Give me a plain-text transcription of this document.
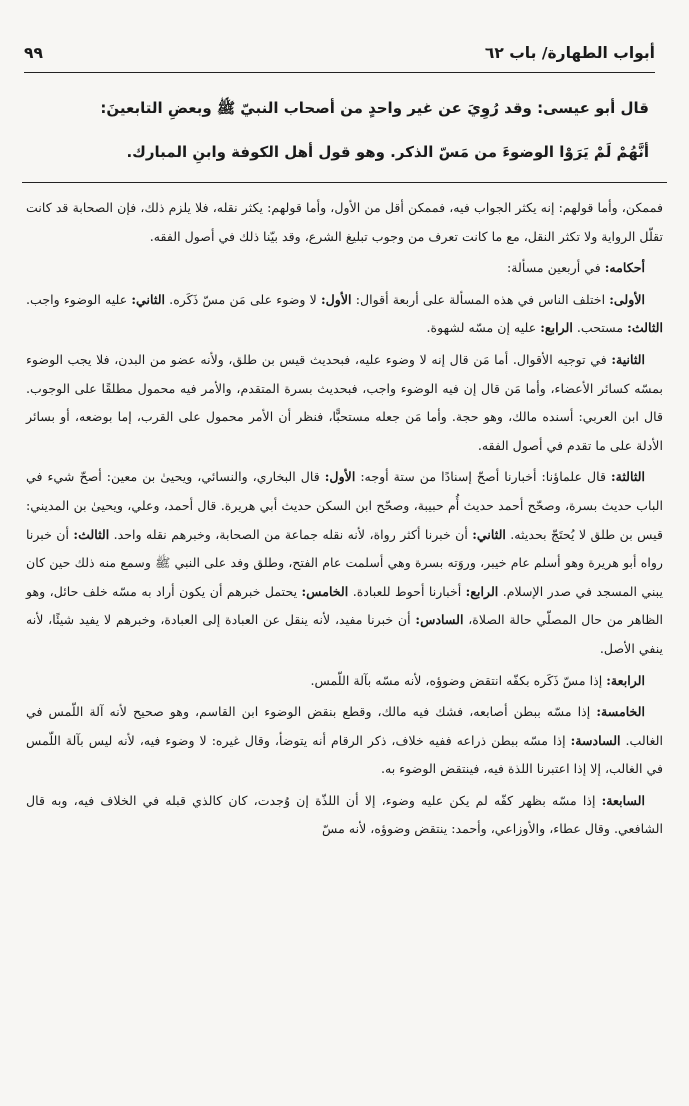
أبواب الطهارة/ باب ٦٢
٩٩

قال أبو عيسى: وقد رُوِيَ عن غير واحدٍ من أصحاب النبيّ ﷺ وبعضِ التابعينَ:

أنَّهُمْ لَمْ يَرَوْا الوضوءَ من مَسّ الذكر. وهو قول أهل الكوفة وابنِ المبارك.

فممكن، وأما قولهم: إنه يكثر الجواب فيه، فممكن أقل من الأول، وأما قولهم: يكثر نقله، فلا يلزم ذلك، فإن الصحابة قد كانت تقلّل الرواية ولا تكثر النقل، مع ما كانت تعرف من وجوب تبليغ الشرع، وقد بيّنا ذلك في أصول الفقه.

أحكامه: في أربعين مسألة:

الأولى: اختلف الناس في هذه المسألة على أربعة أقوال: الأول: لا وضوء على مَن مسّ ذَكَره. الثاني: عليه الوضوء واجب. الثالث: مستحب. الرابع: عليه إن مسّه لشهوة.

الثانية: في توجيه الأقوال. أما مَن قال إنه لا وضوء عليه، فبحديث قيس بن طلق، ولأنه عضو من البدن، فلا يجب الوضوء بمسّه كسائر الأعضاء، وأما مَن قال إن فيه الوضوء واجب، فبحديث بسرة المتقدم، والأمر فيه محمول مطلقًا على الوجوب. قال ابن العربي: أسنده مالك، وهو حجة. وأما مَن جعله مستحبًّا، فنظر أن الأمر محمول على القرب، إما بوضعه، أو بسائر الأدلة على ما تقدم في أصول الفقه.

الثالثة: قال علماؤنا: أخبارنا أصحّ إسنادًا من ستة أوجه: الأول: قال البخاري، والنسائي، ويحيىٰ بن معين: أصحّ شيء في الباب حديث بسرة، وصحّح أحمد حديث أُم حبيبة، وصحّح ابن السكن حديث أبي هريرة. قال أحمد، وعلي، ويحيىٰ بن المديني: قيس بن طلق لا يُحتَجّ بحديثه. الثاني: أن خبرنا أكثر رواة، لأنه نقله جماعة من الصحابة، وخبرهم نقله واحد. الثالث: أن خبرنا رواه أبو هريرة وهو أسلم عام خيبر، وروَته بسرة وهي أسلمت عام الفتح، وطلق وفد على النبي ﷺ وسمع منه ذلك حين كان يبني المسجد في صدر الإسلام. الرابع: أخبارنا أحوط للعبادة. الخامس: يحتمل خبرهم أن يكون أراد به مسّه خلف حائل، وهو الظاهر من حال المصلّي حالة الصلاة، السادس: أن خبرنا مفيد، لأنه ينقل عن العبادة إلى العبادة، وخبرهم لا يفيد شيئًا، لأنه ينفي الأصل.

الرابعة: إذا مسّ ذَكَره بكفّه انتقض وضوؤه، لأنه مسّه بآلة اللّمس.

الخامسة: إذا مسّه ببطن أصابعه، فشك فيه مالك، وقطع بنقض الوضوء ابن القاسم، وهو صحيح لأنه آلة اللّمس في الغالب. السادسة: إذا مسّه ببطن ذراعه ففيه خلاف، ذكر الرقام أنه يتوضأ، وقال غيره: لا وضوء فيه، لأنه ليس بآلة اللّمس في الغالب، إلا إذا اعتبرنا اللذة فيه، فينتقض الوضوء به.

السابعة: إذا مسّه بظهر كفّه لم يكن عليه وضوء، إلا أن اللذّة إن وُجدت، كان كالذي قبله في الخلاف فيه، وبه قال الشافعي. وقال عطاء، والأوزاعي، وأحمد: ينتقض وضوؤه، لأنه مسّ
